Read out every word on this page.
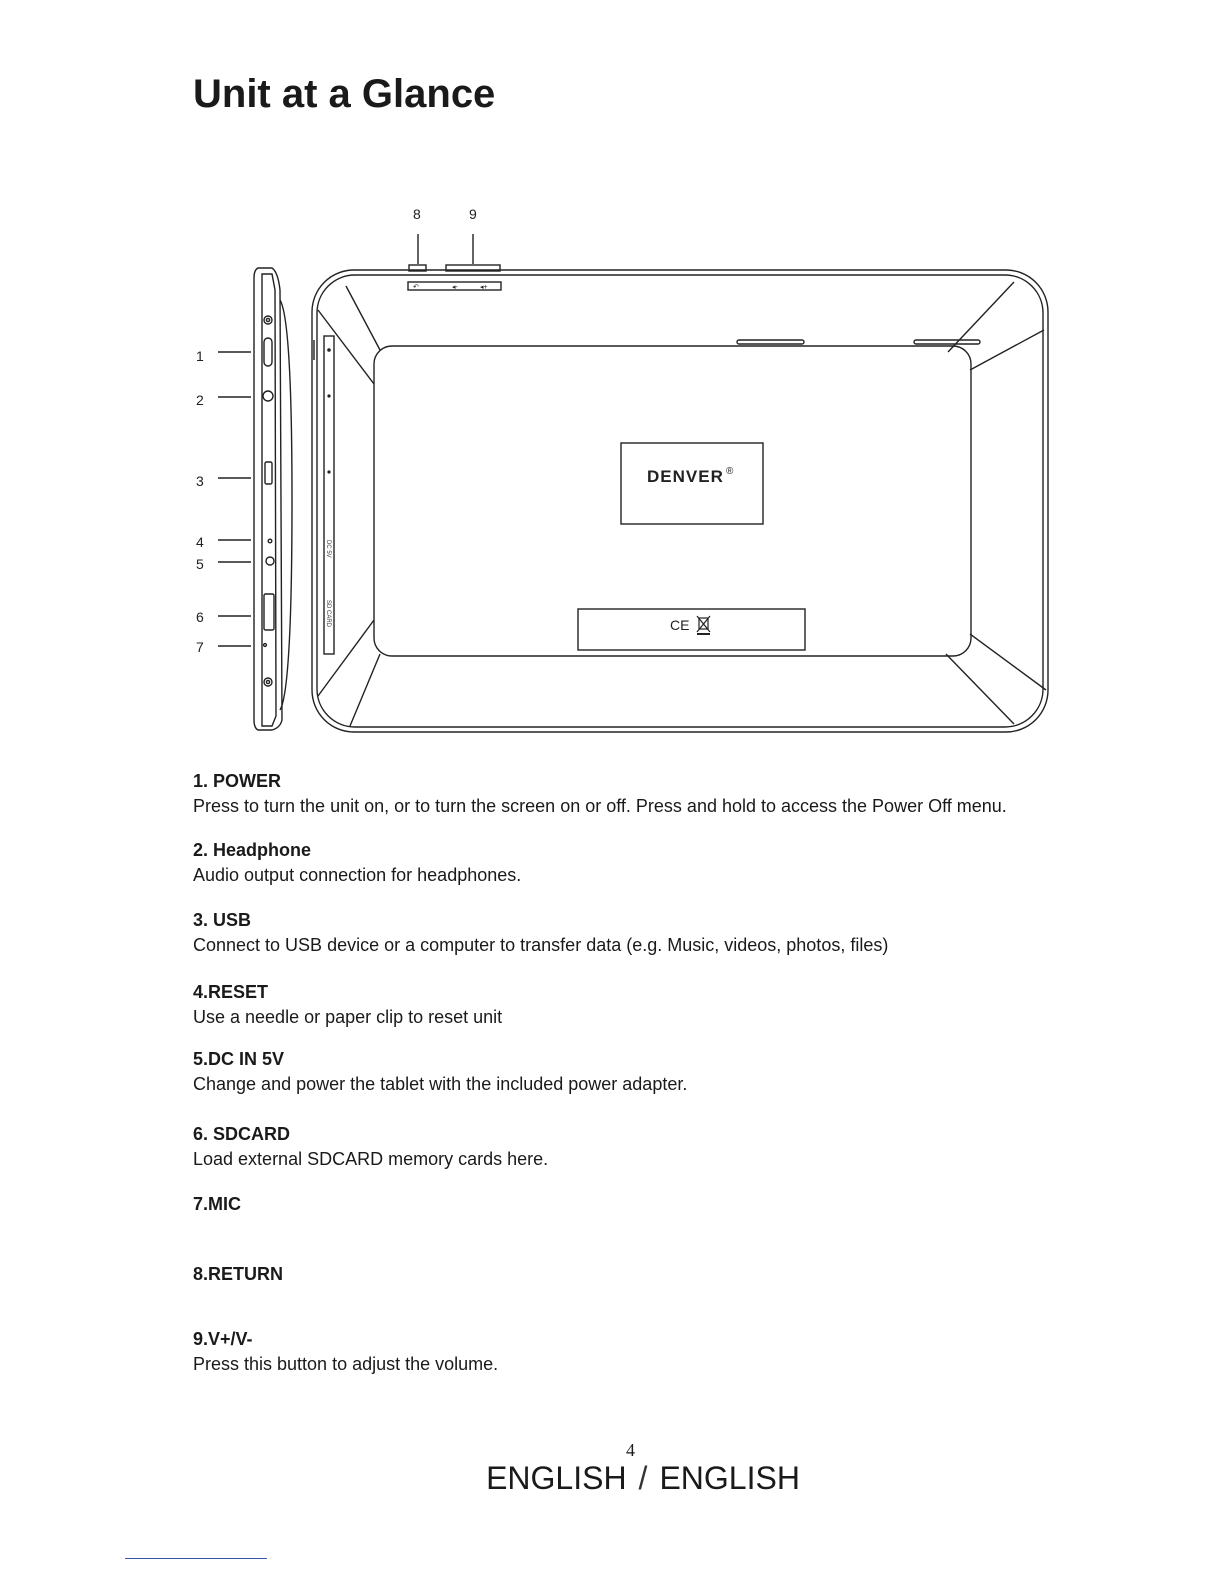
Unit at a Glance
DC 5V
SD CARD
1
2
3
4
5
6
7
8	9
↶	◂-	◂+
DENVER ®
CE
1. POWER

Press to turn the unit on, or to turn the screen on or off. Press and hold to access the Power Off menu.

2. Headphone

Audio output connection for headphones.

3. USB

Connect to USB device or a computer to transfer data (e.g. Music, videos, photos, files)

4.RESET

Use a needle or paper clip to reset unit

5.DC IN 5V

Change and power the tablet with the included power adapter.

6. SDCARD

Load external SDCARD memory cards here.

7.MIC
8.RETURN
9.V+/V-

Press this button to adjust the volume.

4
ENGLISH / ENGLISH
